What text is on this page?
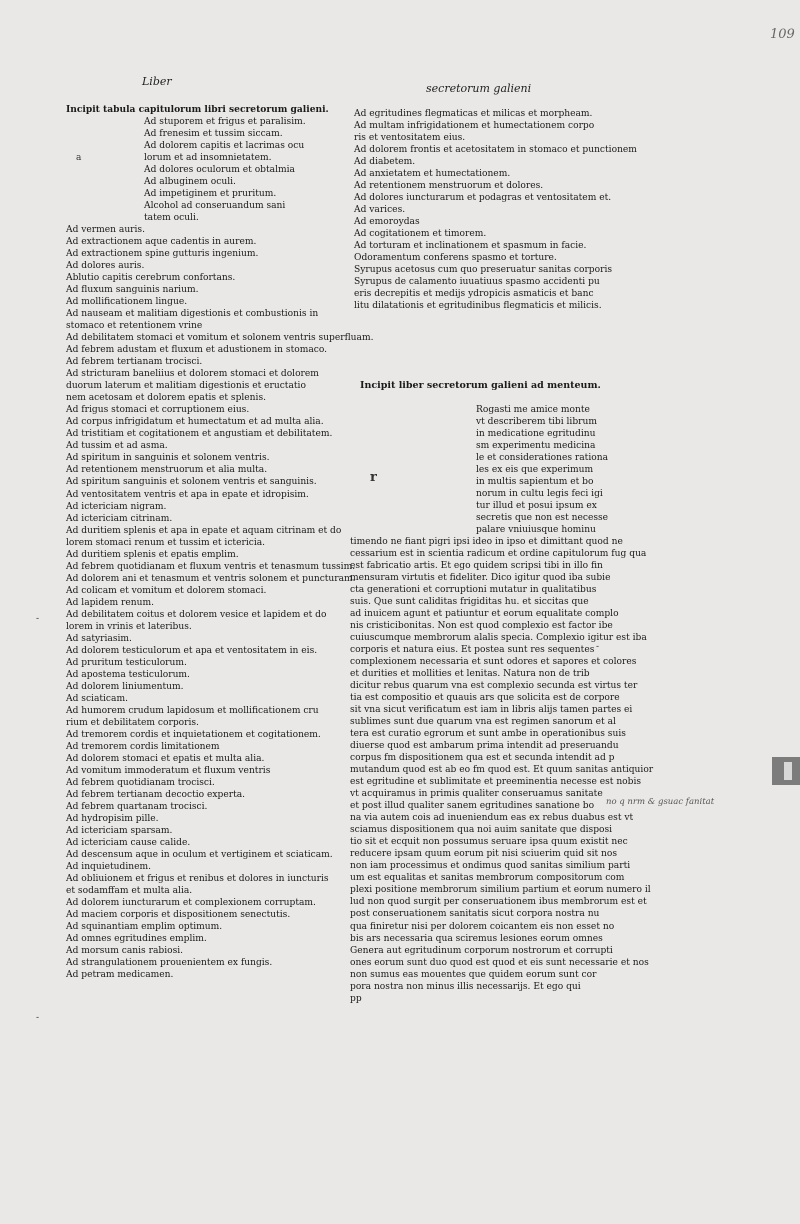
Liber
secretorum galieni
109
Incipit tabula capitulorum libri secretorum galieni.
Ad stuporem et frigus et paralisim.
Ad frenesim et tussim siccam.
Ad dolorem capitis et lacrimas ocu
lorum et ad insomnietatem.
Ad dolores oculorum et obtalmia
Ad albuginem oculi.
Ad impetiginem et pruritum.
Alcohol ad conseruandum sani
tatem oculi.
Ad vermen auris.
Ad extractionem aque cadentis in aurem.
Ad extractionem spine gutturis ingenium.
Ad dolores auris.
Ablutio capitis cerebrum confortans.
Ad fluxum sanguinis narium.
Ad mollificationem lingue.
Ad nauseam et malitiam digestionis et combustionis in
stomaco et retentionem vrine
Ad debilitatem stomaci et vomitum et solonem ventris superfluam.
Ad febrem adustam et fluxum et adustionem in stomaco.
Ad febrem tertianam trocisci.
Ad stricturam baneliius et dolorem stomaci et dolorem
duorum laterum et malitiam digestionis et eructatio
nem acetosam et dolorem epatis et splenis.
Ad frigus stomaci et corruptionem eius.
Ad corpus infrigidatum et humectatum et ad multa alia.
Ad tristitiam et cogitationem et angustiam et debilitatem.
Ad tussim et ad asma.
Ad spiritum in sanguinis et solonem ventris.
Ad retentionem menstruorum et alia multa.
Ad spiritum sanguinis et solonem ventris et sanguinis.
Ad ventositatem ventris et apa in epate et idropisim.
Ad ictericiam nigram.
Ad ictericiam citrinam.
Ad duritiem splenis et apa in epate et aquam citrinam et do
lorem stomaci renum et tussim et ictericia.
Ad duritiem splenis et epatis emplim.
Ad febrem quotidianam et fluxum ventris et tenasmum tussim.
Ad dolorem ani et tenasmum et ventris solonem et puncturam.
Ad colicam et vomitum et dolorem stomaci.
Ad lapidem renum.
Ad debilitatem coitus et dolorem vesice et lapidem et do
lorem in vrinis et lateribus.
Ad satyriasim.
Ad dolorem testiculorum et apa et ventositatem in eis.
Ad pruritum testiculorum.
Ad apostema testiculorum.
Ad dolorem liniumentum.
Ad sciaticam.
Ad humorem crudum lapidosum et mollificationem cru
rium et debilitatem corporis.
Ad tremorem cordis et inquietationem et cogitationem.
Ad tremorem cordis limitationem
Ad dolorem stomaci et epatis et multa alia.
Ad vomitum immoderatum et fluxum ventris
Ad febrem quotidianam trocisci.
Ad febrem tertianam decoctio experta.
Ad febrem quartanam trocisci.
Ad hydropisim pille.
Ad ictericiam sparsam.
Ad ictericiam cause calide.
Ad descensum aque in oculum et vertiginem et sciaticam.
Ad inquietudinem.
Ad obliuionem et frigus et renibus et dolores in iuncturis
et sodamffam et multa alia.
Ad dolorem iuncturarum et complexionem corruptam.
Ad maciem corporis et dispositionem senectutis.
Ad squinantiam emplim optimum.
Ad omnes egritudines emplim.
Ad morsum canis rabiosi.
Ad strangulationem prouenientem ex fungis.
Ad petram medicamen.
Ad egritudines flegmaticas et milicas et morpheam.
Ad multam infrigidationem et humectationem corpo
ris et ventositatem eius.
Ad dolorem frontis et acetositatem in stomaco et punctionem
Ad diabetem.
Ad anxietatem et humectationem.
Ad retentionem menstruorum et dolores.
Ad dolores iuncturarum et podagras et ventositatem et.
Ad varices.
Ad emoroydas
Ad cogitationem et timorem.
Ad torturam et inclinationem et spasmum in facie.
Odoramentum conferens spasmo et torture.
Syrupus acetosus cum quo preseruatur sanitas corporis
Syrupus de calamento iuuatiuus spasmo accidenti pu
eris decrepitis et medijs ydropicis asmaticis et banc
litu dilatationis et egritudinibus flegmaticis et milicis.
Incipit liber secretorum galieni ad menteum.
Rogasti me amice monte
vt describerem tibi librum
in medicatione egritudinu
sm experimentu medicina
le et considerationes rationa
les ex eis que experimum
in multis sapientum et bo
norum in cultu legis feci igi
tur illud et posui ipsum ex
secretis que non est necesse
palare vniuiusque hominu
timendo ne fiant pigri ipsi ideo in ipso et dimittant quod ne
cessarium est in scientia radicum et ordine capitulorum fug qua
est fabricatio artis. Et ego quidem scripsi tibi in illo fin
mensuram virtutis et fideliter. Dico igitur quod iba subie
cta generationi et corruptioni mutatur in qualitatibus
suis. Que sunt caliditas frigiditas hu. et siccitas que
ad inuicem agunt et patiuntur et eorum equalitate complo
nis cristicibonitas. Non est quod complexio est factor ibe
cuiuscumque membrorum alalis specia. Complexio igitur est iba
corporis et natura eius. Et postea sunt res sequentes
complexionem necessaria et sunt odores et sapores et colores
et durities et mollities et lenitas. Natura non de trib
dicitur rebus quarum vna est complexio secunda est virtus ter
tia est compositio et quauis ars que solicita est de corpore
sit vna sicut verificatum est iam in libris alijs tamen partes ei
sublimes sunt due quarum vna est regimen sanorum et al
tera est curatio egrorum et sunt ambe in operationibus suis
diuerse quod est ambarum prima intendit ad preseruandu
corpus fm dispositionem qua est et secunda intendit ad p
mutandum quod est ab eo fm quod est. Et quum sanitas antiquior
est egritudine et sublimitate et preeminentia necesse est nobis
vt acquiramus in primis qualiter conseruamus sanitate
et post illud qualiter sanem egritudines sanatione bo
na via autem cois ad inueniendum eas ex rebus duabus est vt
sciamus dispositionem qua noi auim sanitate que disposi
tio sit et ecquit non possumus seruare ipsa quum existit nec
reducere ipsam quum eorum pit nisi sciuerim quid sit nos
non iam processimus et ondimus quod sanitas similium parti
um est equalitas et sanitas membrorum compositorum com
plexi positione membrorum similium partium et eorum numero il
lud non quod surgit per conseruationem ibus membrorum est et
post conseruationem sanitatis sicut corpora nostra nu
qua finiretur nisi per dolorem coicantem eis non esset no
bis ars necessaria qua sciremus lesiones eorum omnes
Genera aut egritudinum corporum nostrorum et corrupti
ones eorum sunt duo quod est quod et eis sunt necessarie et nos
non sumus eas mouentes que quidem eorum sunt cor
pora nostra non minus illis necessarijs. Et ego qui
pp
a
r
-
-
-
no q nrm & gsuac fanitat
